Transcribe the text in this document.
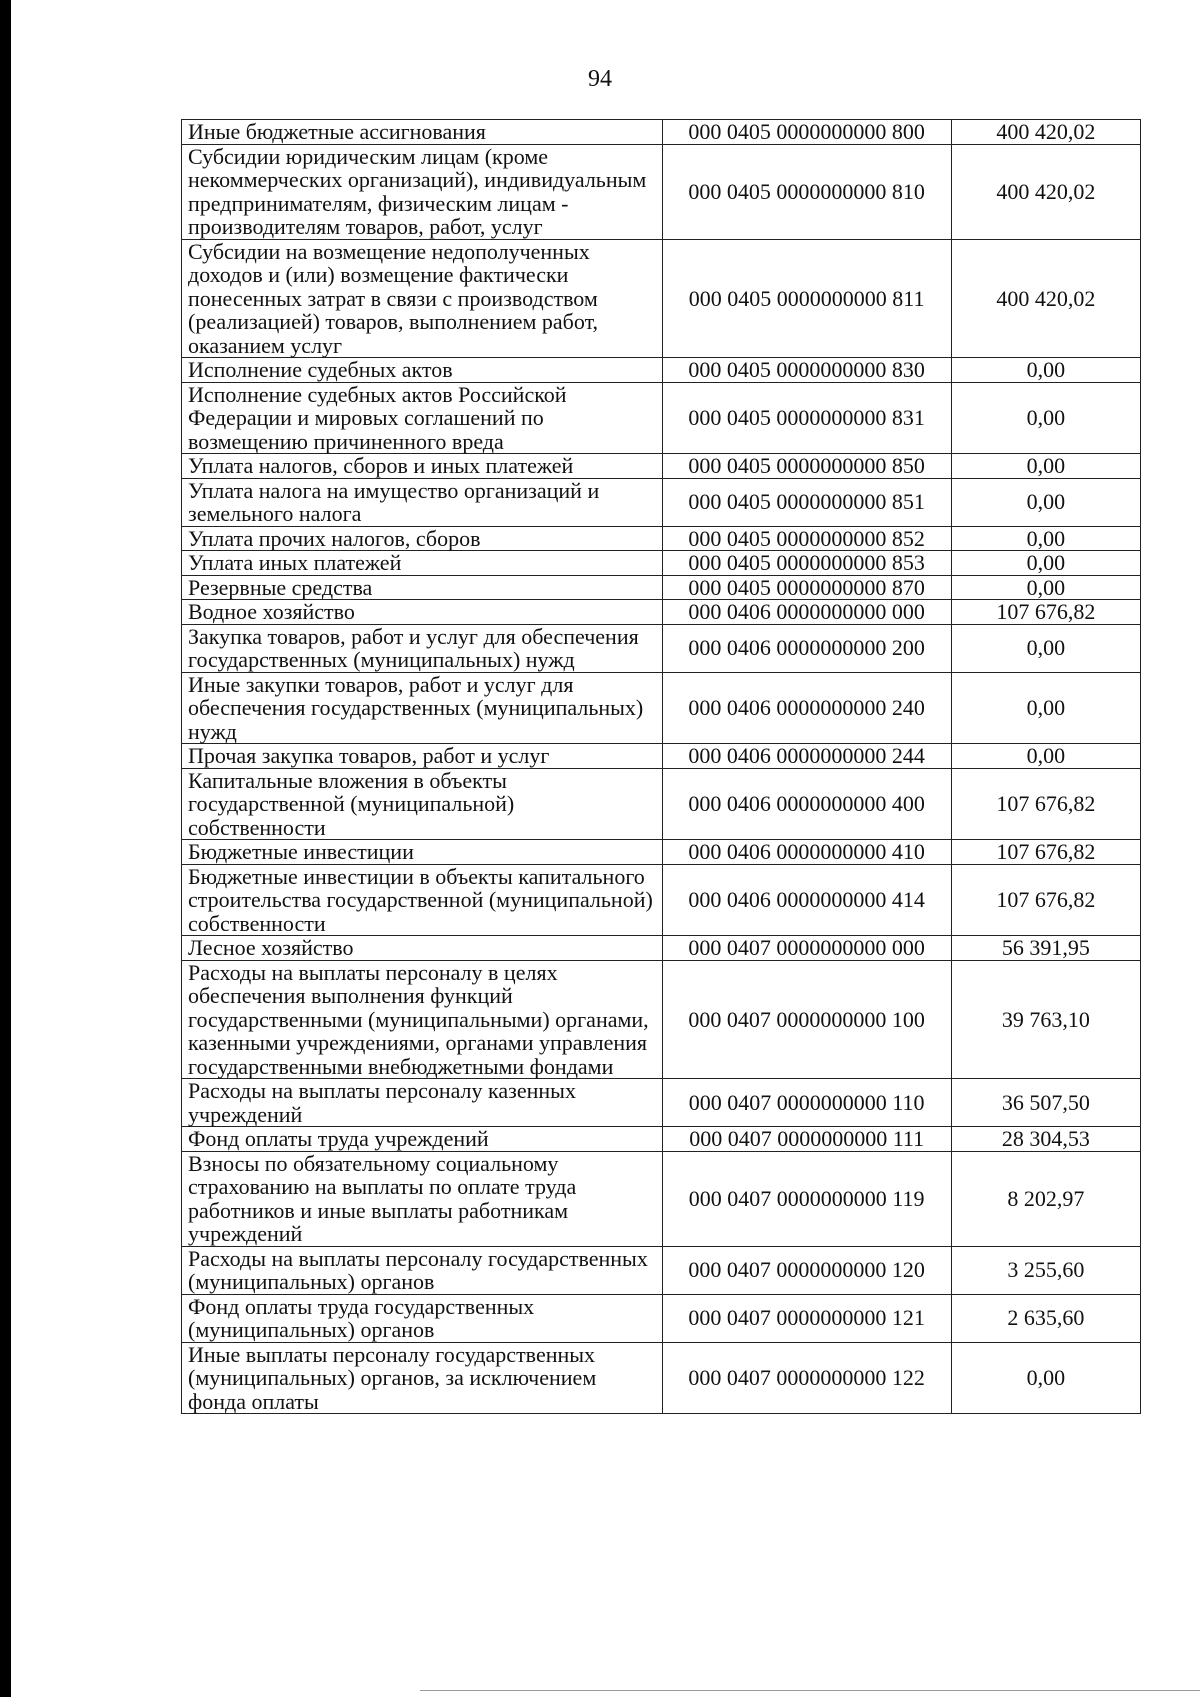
94
Иные бюджетные ассигнования	000 0405 0000000000 800	400 420,02
Субсидии юридическим лицам (кроме некоммерческих организаций), индивидуальным предпринимателям, физическим лицам - производителям товаров, работ, услуг	000 0405 0000000000 810	400 420,02
Субсидии на возмещение недополученных доходов и (или) возмещение фактически понесенных затрат в связи с производством (реализацией) товаров, выполнением работ, оказанием услуг	000 0405 0000000000 811	400 420,02
Исполнение судебных актов	000 0405 0000000000 830	0,00
Исполнение судебных актов Российской Федерации и мировых соглашений по возмещению причиненного вреда	000 0405 0000000000 831	0,00
Уплата налогов, сборов и иных платежей	000 0405 0000000000 850	0,00
Уплата налога на имущество организаций и земельного налога	000 0405 0000000000 851	0,00
Уплата прочих налогов, сборов	000 0405 0000000000 852	0,00
Уплата иных платежей	000 0405 0000000000 853	0,00
Резервные средства	000 0405 0000000000 870	0,00
Водное хозяйство	000 0406 0000000000 000	107 676,82
Закупка товаров, работ и услуг для обеспечения государственных (муниципальных) нужд	000 0406 0000000000 200	0,00
Иные закупки товаров, работ и услуг для обеспечения государственных (муниципальных) нужд	000 0406 0000000000 240	0,00
Прочая закупка товаров, работ и услуг	000 0406 0000000000 244	0,00
Капитальные вложения в объекты государственной (муниципальной) собственности	000 0406 0000000000 400	107 676,82
Бюджетные инвестиции	000 0406 0000000000 410	107 676,82
Бюджетные инвестиции в объекты капитального строительства государственной (муниципальной) собственности	000 0406 0000000000 414	107 676,82
Лесное хозяйство	000 0407 0000000000 000	56 391,95
Расходы на выплаты персоналу в целях обеспечения выполнения функций государственными (муниципальными) органами, казенными учреждениями, органами управления государственными внебюджетными фондами	000 0407 0000000000 100	39 763,10
Расходы на выплаты персоналу казенных учреждений	000 0407 0000000000 110	36 507,50
Фонд оплаты труда учреждений	000 0407 0000000000 111	28 304,53
Взносы по обязательному социальному страхованию на выплаты по оплате труда работников и иные выплаты работникам учреждений	000 0407 0000000000 119	8 202,97
Расходы на выплаты персоналу государственных (муниципальных) органов	000 0407 0000000000 120	3 255,60
Фонд оплаты труда государственных (муниципальных) органов	000 0407 0000000000 121	2 635,60
Иные выплаты персоналу государственных (муниципальных) органов, за исключением фонда оплаты	000 0407 0000000000 122	0,00
